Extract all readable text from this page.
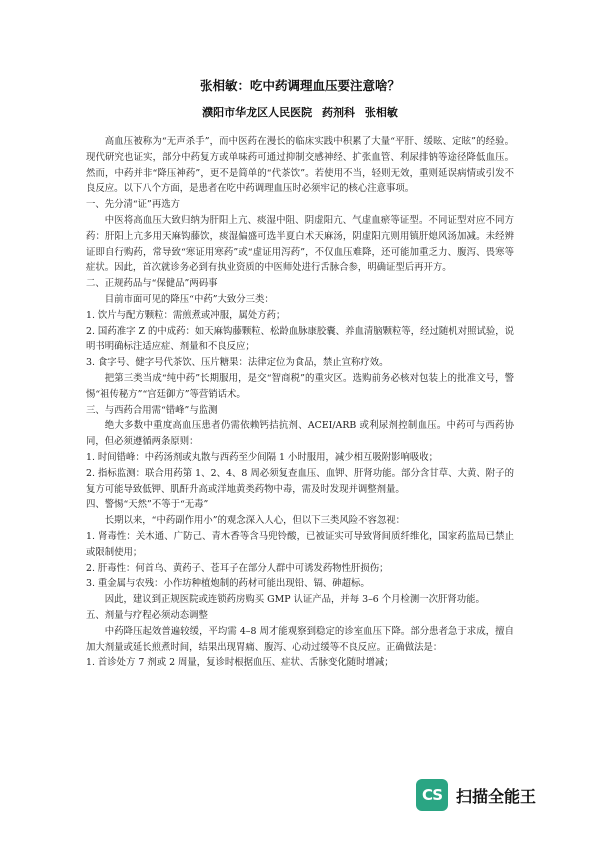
张相敏：吃中药调理血压要注意啥？

濮阳市华龙区人民医院 药剂科 张相敏

高血压被称为“无声杀手”，而中医药在漫长的临床实践中积累了大量“平肝、缓眩、定眩”的经验。现代研究也证实，部分中药复方或单味药可通过抑制交感神经、扩张血管、利尿排钠等途径降低血压。然而，中药并非“降压神药”，更不是简单的“代茶饮”。若使用不当，轻则无效，重则延误病情或引发不良反应。以下八个方面，是患者在吃中药调理血压时必须牢记的核心注意事项。

一、先分清“证”再选方

中医将高血压大致归纳为肝阳上亢、痰湿中阻、阴虚阳亢、气虚血瘀等证型。不同证型对应不同方药：肝阳上亢多用天麻钩藤饮，痰湿偏盛可选半夏白术天麻汤，阴虚阳亢则用镇肝熄风汤加减。未经辨证即自行购药，常导致“寒证用寒药”或“虚证用泻药”，不仅血压难降，还可能加重乏力、腹泻、畏寒等症状。因此，首次就诊务必到有执业资质的中医师处进行舌脉合参，明确证型后再开方。

二、正规药品与“保健品”两码事

目前市面可见的降压“中药”大致分三类：

1. 饮片与配方颗粒：需煎煮或冲服，属处方药；

2. 国药准字 Z 的中成药：如天麻钩藤颗粒、松龄血脉康胶囊、养血清脑颗粒等，经过随机对照试验，说明书明确标注适应症、剂量和不良反应；

3. 食字号、健字号代茶饮、压片糖果：法律定位为食品，禁止宣称疗效。

把第三类当成“纯中药”长期服用，是交“智商税”的重灾区。选购前务必核对包装上的批准文号，警惕“祖传秘方”“宫廷御方”等营销话术。

三、与西药合用需“错峰”与监测

绝大多数中重度高血压患者仍需依赖钙拮抗剂、ACEI/ARB 或利尿剂控制血压。中药可与西药协同，但必须遵循两条原则：

1. 时间错峰：中药汤剂或丸散与西药至少间隔 1 小时服用，减少相互吸附影响吸收；

2. 指标监测：联合用药第 1、2、4、8 周必须复查血压、血钾、肝肾功能。部分含甘草、大黄、附子的复方可能导致低钾、肌酐升高或洋地黄类药物中毒，需及时发现并调整剂量。

四、警惕“天然”不等于“无毒”

长期以来，“中药副作用小”的观念深入人心，但以下三类风险不容忽视：

1. 肾毒性：关木通、广防己、青木香等含马兜铃酸，已被证实可导致肾间质纤维化，国家药监局已禁止或限制使用；

2. 肝毒性：何首乌、黄药子、苍耳子在部分人群中可诱发药物性肝损伤；

3. 重金属与农残：小作坊种植炮制的药材可能出现铅、镉、砷超标。

因此，建议到正规医院或连锁药房购买 GMP 认证产品，并每 3–6 个月检测一次肝肾功能。

五、剂量与疗程必须动态调整

中药降压起效普遍较缓，平均需 4–8 周才能观察到稳定的诊室血压下降。部分患者急于求成，擅自加大剂量或延长煎煮时间，结果出现胃痛、腹泻、心动过缓等不良反应。正确做法是：

1. 首诊处方 7 剂或 2 周量，复诊时根据血压、症状、舌脉变化随时增减；

CS 扫描全能王
